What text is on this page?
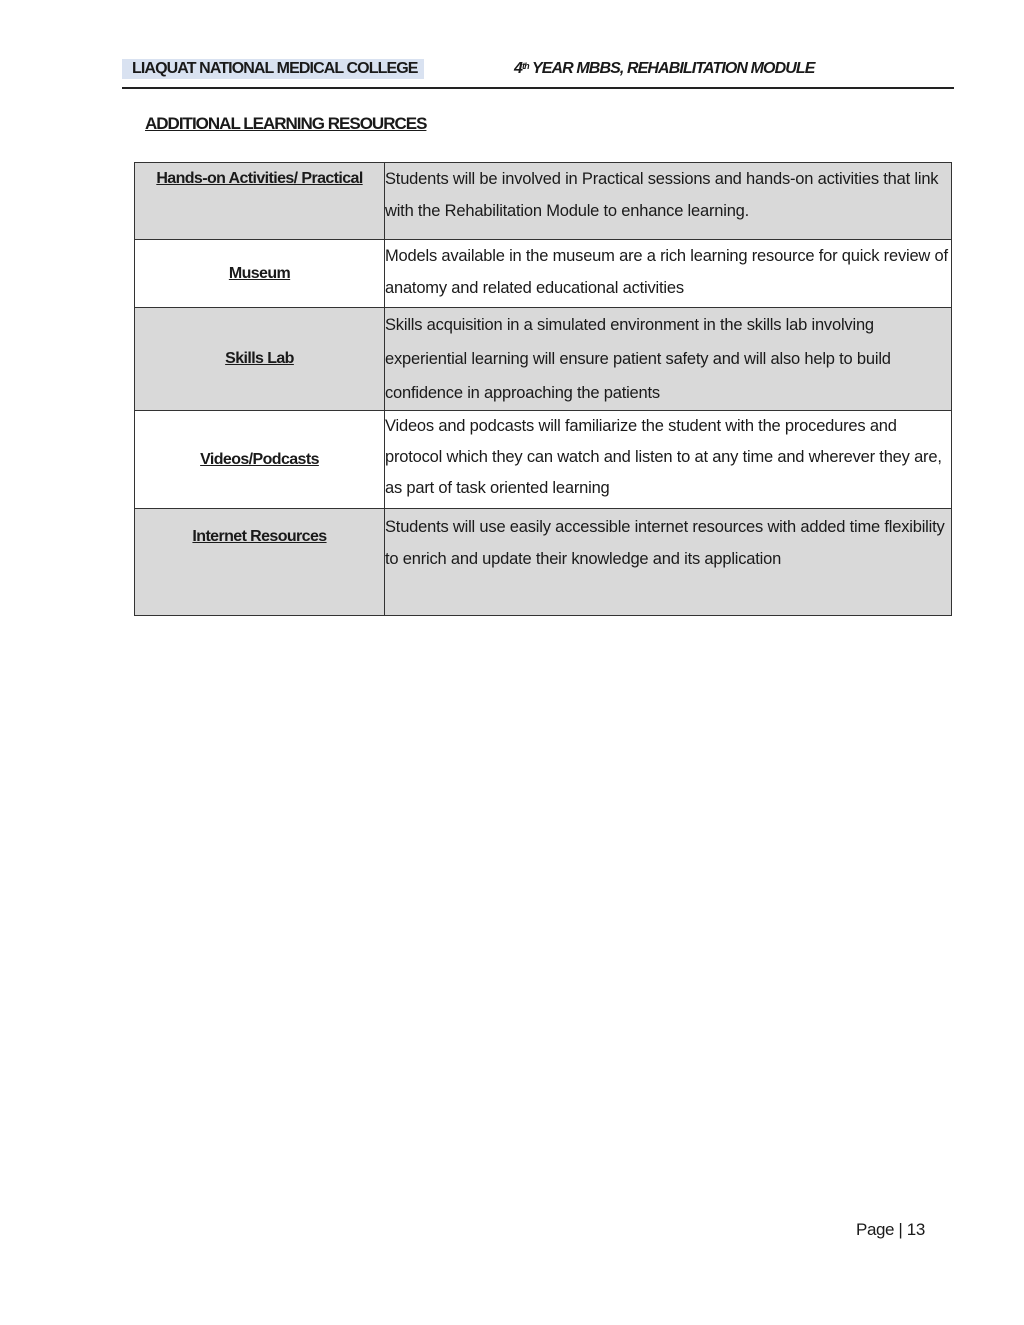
LIAQUAT NATIONAL MEDICAL COLLEGE	4th YEAR MBBS, REHABILITATION MODULE
ADDITIONAL LEARNING RESOURCES
Hands-on Activities/ Practical	Students will be involved in Practical sessions and hands-on activities that link with the Rehabilitation Module to enhance learning.
Museum	Models available in the museum are a rich learning resource for quick review of anatomy and related educational activities
Skills Lab	Skills acquisition in a simulated environment in the skills lab involving experiential learning will ensure patient safety and will also help to build confidence in approaching the patients
Videos/Podcasts	Videos and podcasts will familiarize the student with the procedures and protocol which they can watch and listen to at any time and wherever they are, as part of task oriented learning
Internet Resources	Students will use easily accessible internet resources with added time flexibility to enrich and update their knowledge and its application
Page | 13
